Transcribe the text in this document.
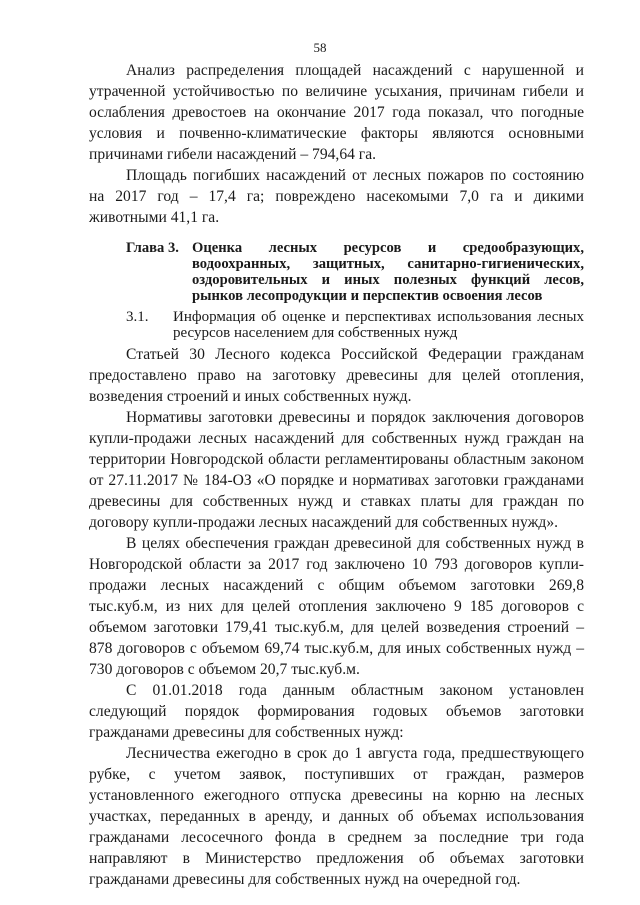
58

Анализ распределения площадей насаждений с нарушенной и утраченной устойчивостью по величине усыхания, причинам гибели и ослабления древостоев на окончание 2017 года показал, что погодные условия и почвенно-климатические факторы являются основными причинами гибели насаждений – 794,64 га.

Площадь погибших насаждений от лесных пожаров по состоянию на 2017 год – 17,4 га; повреждено насекомыми 7,0 га и дикими животными 41,1 га.

Глава 3. Оценка лесных ресурсов и средообразующих, водоохранных, защитных, санитарно-гигиенических, оздоровительных и иных полезных функций лесов, рынков лесопродукции и перспектив освоения лесов
3.1.	Информация об оценке и перспективах использования лесных ресурсов населением для собственных нужд

Статьей 30 Лесного кодекса Российской Федерации гражданам предоставлено право на заготовку древесины для целей отопления, возведения строений и иных собственных нужд.

Нормативы заготовки древесины и порядок заключения договоров купли-продажи лесных насаждений для собственных нужд граждан на территории Новгородской области регламентированы областным законом от 27.11.2017 № 184-ОЗ «О порядке и нормативах заготовки гражданами древесины для собственных нужд и ставках платы для граждан по договору купли-продажи лесных насаждений для собственных нужд».

В целях обеспечения граждан древесиной для собственных нужд в Новгородской области за 2017 год заключено 10 793 договоров купли-продажи лесных насаждений с общим объемом заготовки 269,8 тыс.куб.м, из них для целей отопления заключено 9 185 договоров с объемом заготовки 179,41 тыс.куб.м, для целей возведения строений – 878 договоров с объемом 69,74 тыс.куб.м, для иных собственных нужд – 730 договоров с объемом 20,7 тыс.куб.м.

С 01.01.2018 года данным областным законом установлен следующий порядок формирования годовых объемов заготовки гражданами древесины для собственных нужд:

Лесничества ежегодно в срок до 1 августа года, предшествующего рубке, с учетом заявок, поступивших от граждан, размеров установленного ежегодного отпуска древесины на корню на лесных участках, переданных в аренду, и данных об объемах использования гражданами лесосечного фонда в среднем за последние три года направляют в Министерство предложения об объемах заготовки гражданами древесины для собственных нужд на очередной год.
